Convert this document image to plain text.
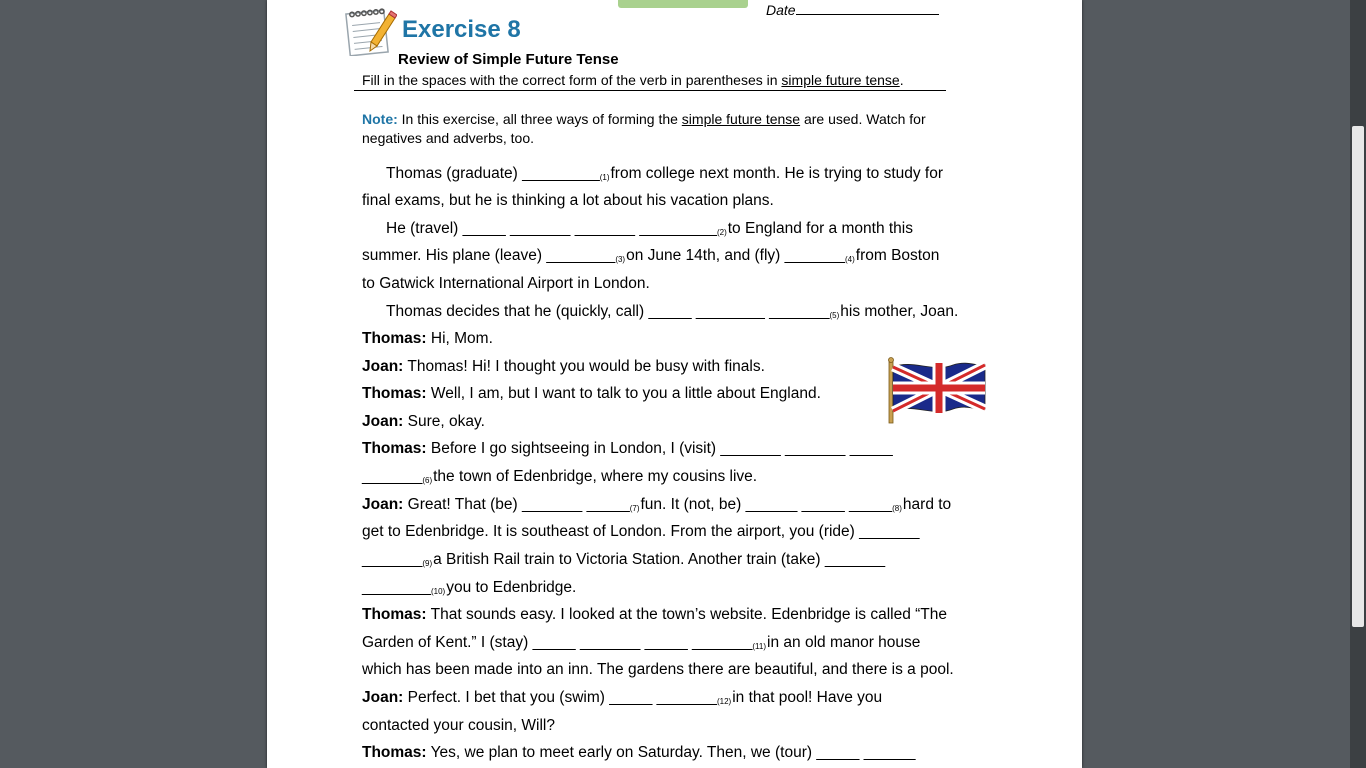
Date
Exercise 8
Review of Simple Future Tense
Fill in the spaces with the correct form of the verb in parentheses in simple future tense.
Note: In this exercise, all three ways of forming the simple future tense are used. Watch for
negatives and adverbs, too.
Thomas (graduate) $\_\_\_\_\_\_\_\_\__{(1)}from$ college next month. He is trying to study for
final exams, but he is thinking a lot about his vacation plans.
He (travel) _____ _______ _______ $\_\_\_\_\_\_\_\_\__{(2)}to$ England for a month this
summer. His plane (leave) $\_\_\_\_\_\_\_\__{(3)}on$ June 14th, and (fly) $\_\_\_\_\_\_\__{(4)}from$ Boston
to Gatwick International Airport in London.
Thomas decides that he (quickly, call) _____ ________ $\_\_\_\_\_\_\__{(5)}his$ mother, Joan.
Thomas: Hi, Mom.
Joan: Thomas! Hi! I thought you would be busy with finals.
Thomas: Well, I am, but I want to talk to you a little about England.
Joan: Sure, okay.
Thomas: Before I go sightseeing in London, I (visit) _______ _______ _____
$\_\_\_\_\_\_\__{(6)}the$ town of Edenbridge, where my cousins live.
Joan: Great! That (be) _______ $\_\_\_\_\__{(7)}fun$. It (not, be) ______ _____ $\_\_\_\_\__{(8)}hard$ to
get to Edenbridge. It is southeast of London. From the airport, you (ride) _______
$\_\_\_\_\_\_\__{(9)}a$ British Rail train to Victoria Station. Another train (take) _______
$\_\_\_\_\_\_\_\__{(10)}you$ to Edenbridge.
Thomas: That sounds easy. I looked at the town’s website. Edenbridge is called “The
Garden of Kent.” I (stay) _____ _______ _____ $\_\_\_\_\_\_\__{(11)}in$ an old manor house
which has been made into an inn. The gardens there are beautiful, and there is a pool.
Joan: Perfect. I bet that you (swim) _____ $\_\_\_\_\_\_\__{(12)}in$ that pool! Have you
contacted your cousin, Will?
Thomas: Yes, we plan to meet early on Saturday. Then, we (tour) _____ ______
